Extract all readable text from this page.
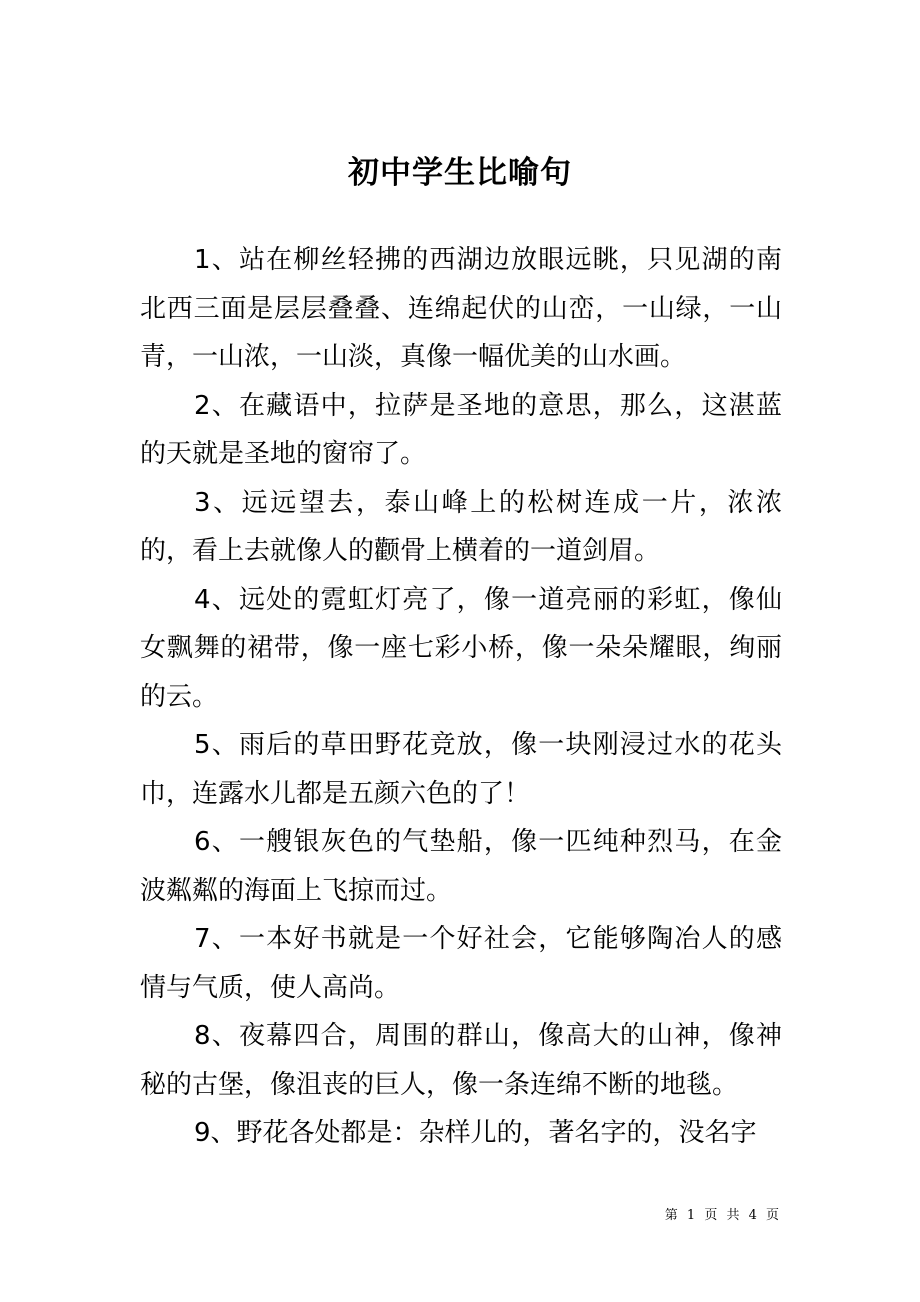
初中学生比喻句

1、站在柳丝轻拂的西湖边放眼远眺，只见湖的南北西三面是层层叠叠、连绵起伏的山峦，一山绿，一山青，一山浓，一山淡，真像一幅优美的山水画。

2、在藏语中，拉萨是圣地的意思，那么，这湛蓝的天就是圣地的窗帘了。

3、远远望去，泰山峰上的松树连成一片，浓浓的，看上去就像人的颧骨上横着的一道剑眉。

4、远处的霓虹灯亮了，像一道亮丽的彩虹，像仙女飘舞的裙带，像一座七彩小桥，像一朵朵耀眼，绚丽的云。

5、雨后的草田野花竞放，像一块刚浸过水的花头巾，连露水儿都是五颜六色的了！

6、一艘银灰色的气垫船，像一匹纯种烈马，在金波粼粼的海面上飞掠而过。

7、一本好书就是一个好社会，它能够陶冶人的感情与气质，使人高尚。

8、夜幕四合，周围的群山，像高大的山神，像神秘的古堡，像沮丧的巨人，像一条连绵不断的地毯。

9、野花各处都是：杂样儿的，著名字的，没名字

第 1 页 共 4 页
